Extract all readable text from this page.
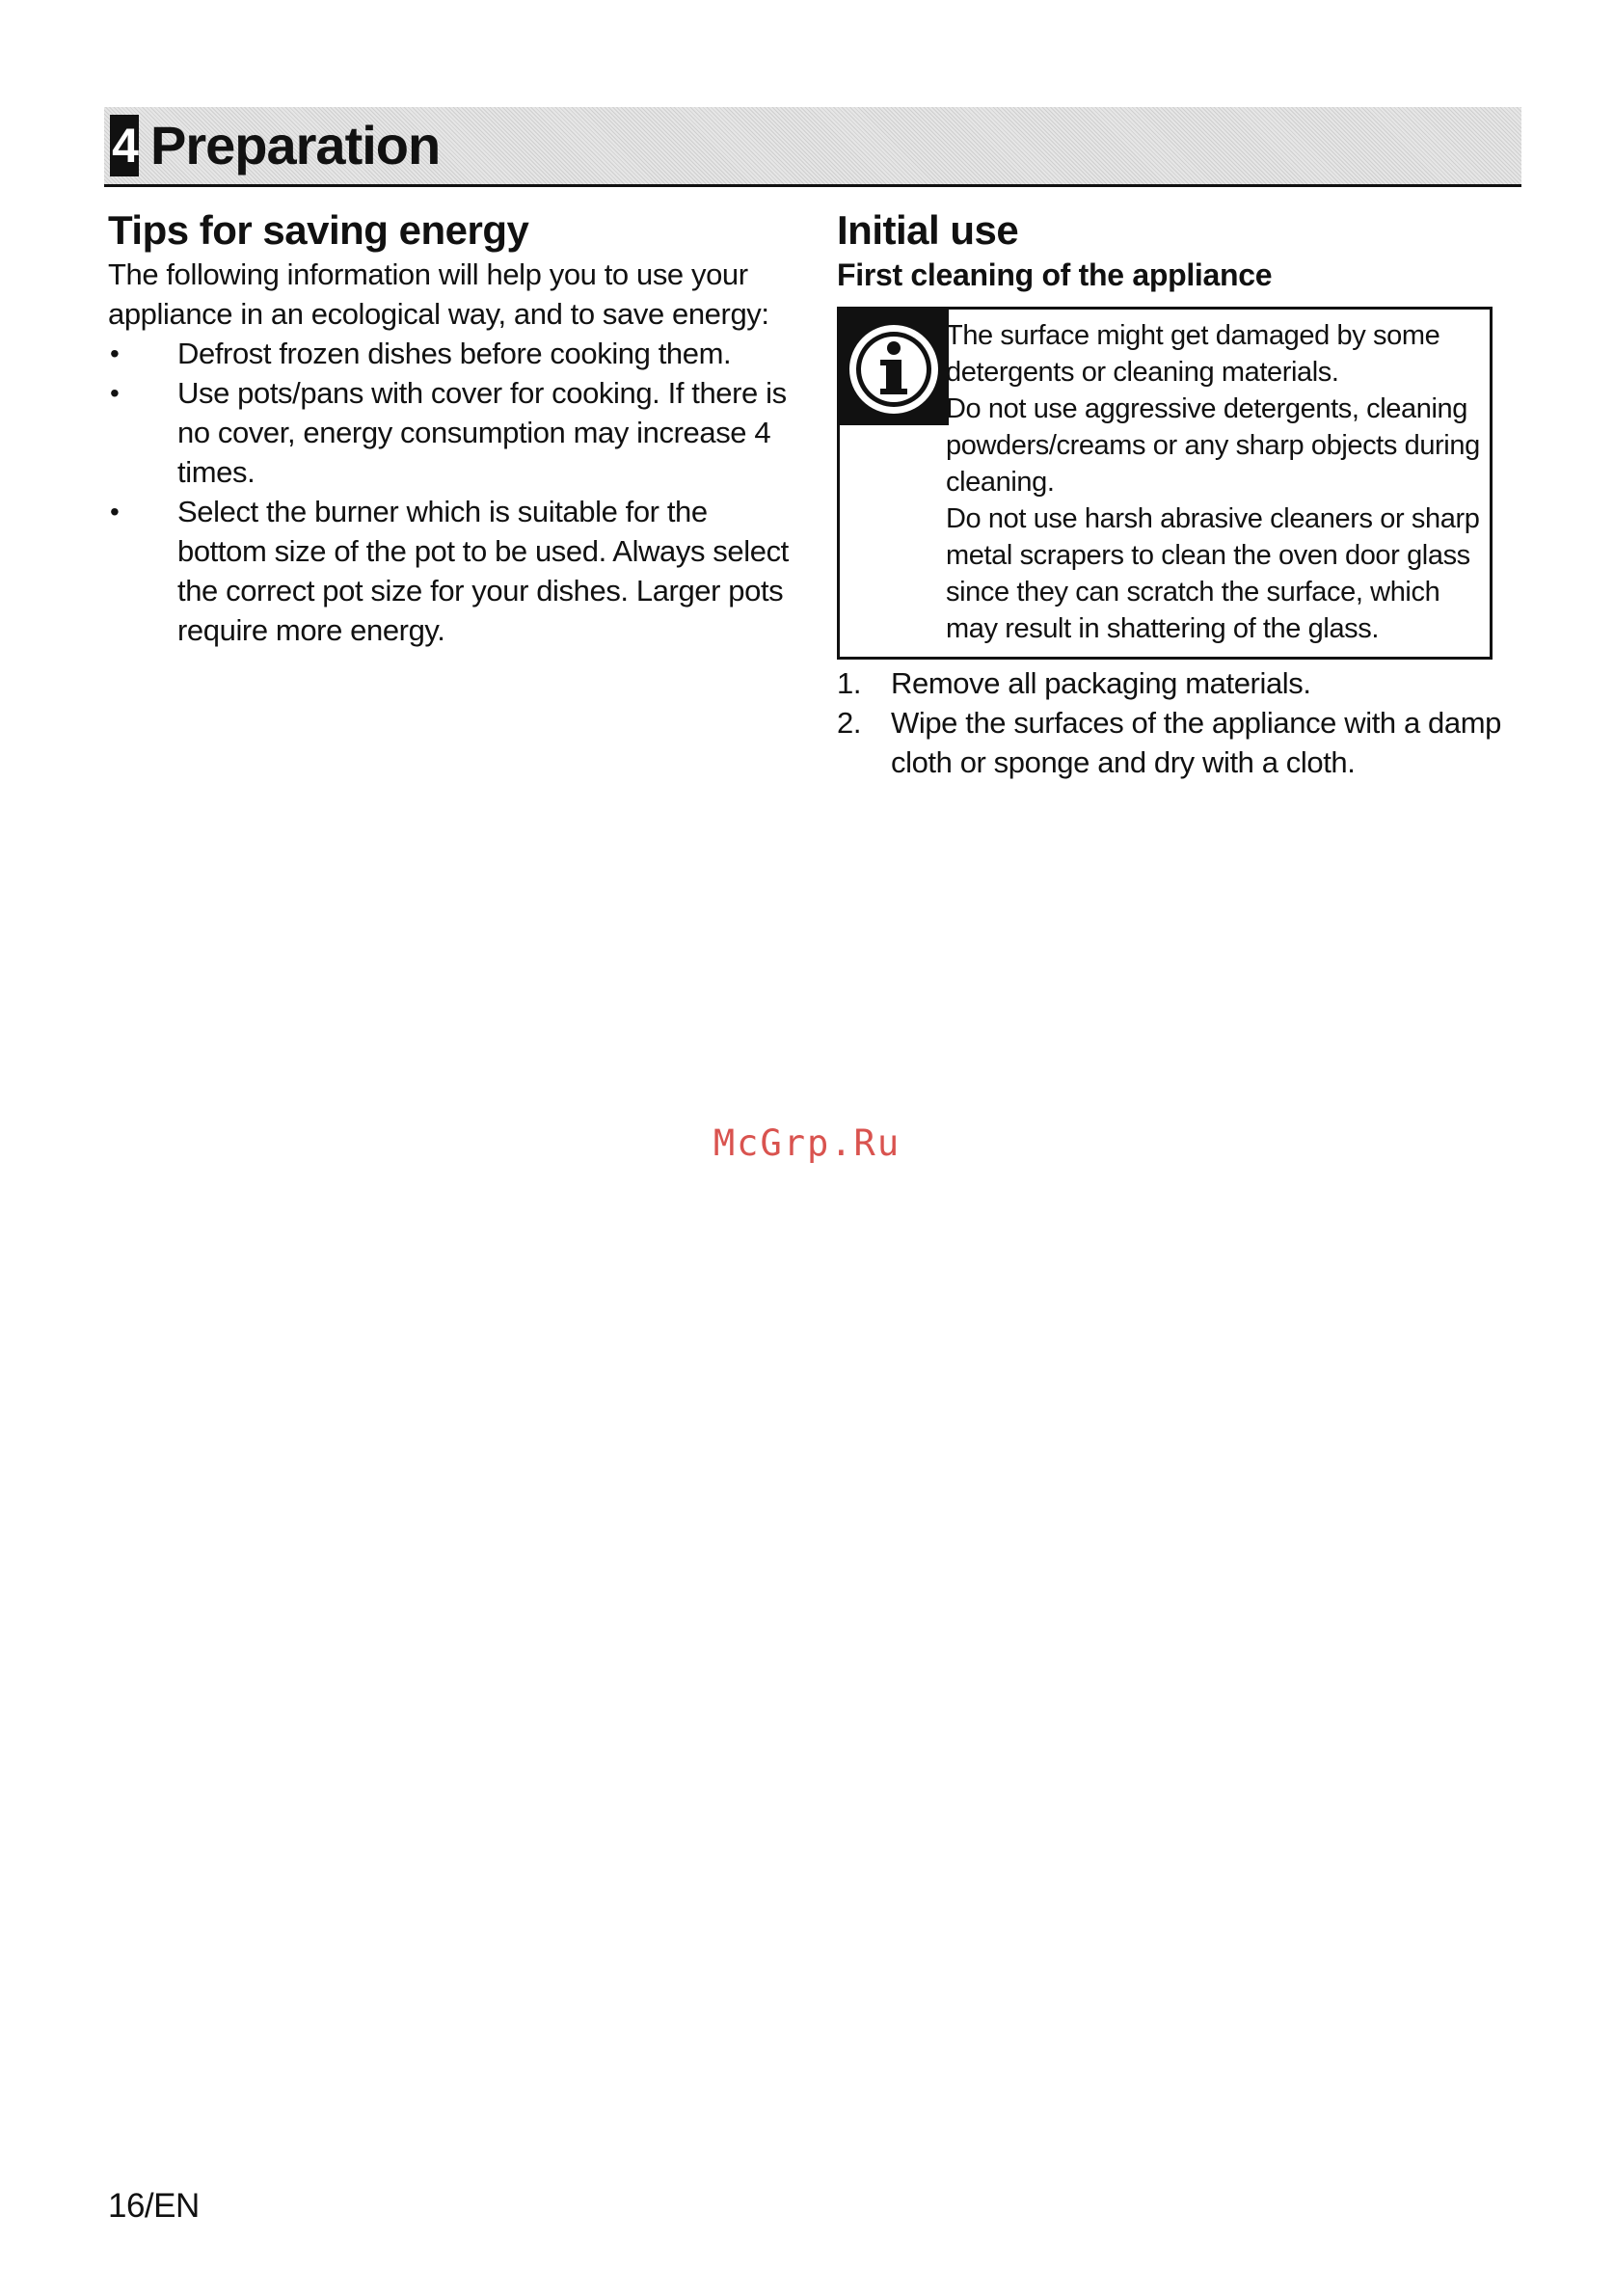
4 Preparation
Tips for saving energy

The following information will help you to use your appliance in an ecological way, and to save energy:

• Defrost frozen dishes before cooking them.
• Use pots/pans with cover for cooking. If there is no cover, energy consumption may increase 4 times.
• Select the burner which is suitable for the bottom size of the pot to be used. Always select the correct pot size for your dishes. Larger pots require more energy.
Initial use
First cleaning of the appliance

The surface might get damaged by some detergents or cleaning materials.

Do not use aggressive detergents, cleaning powders/creams or any sharp objects during cleaning.

Do not use harsh abrasive cleaners or sharp metal scrapers to clean the oven door glass since they can scratch the surface, which may result in shattering of the glass.

1. Remove all packaging materials.
2. Wipe the surfaces of the appliance with a damp cloth or sponge and dry with a cloth.
McGrp.Ru
16/EN
